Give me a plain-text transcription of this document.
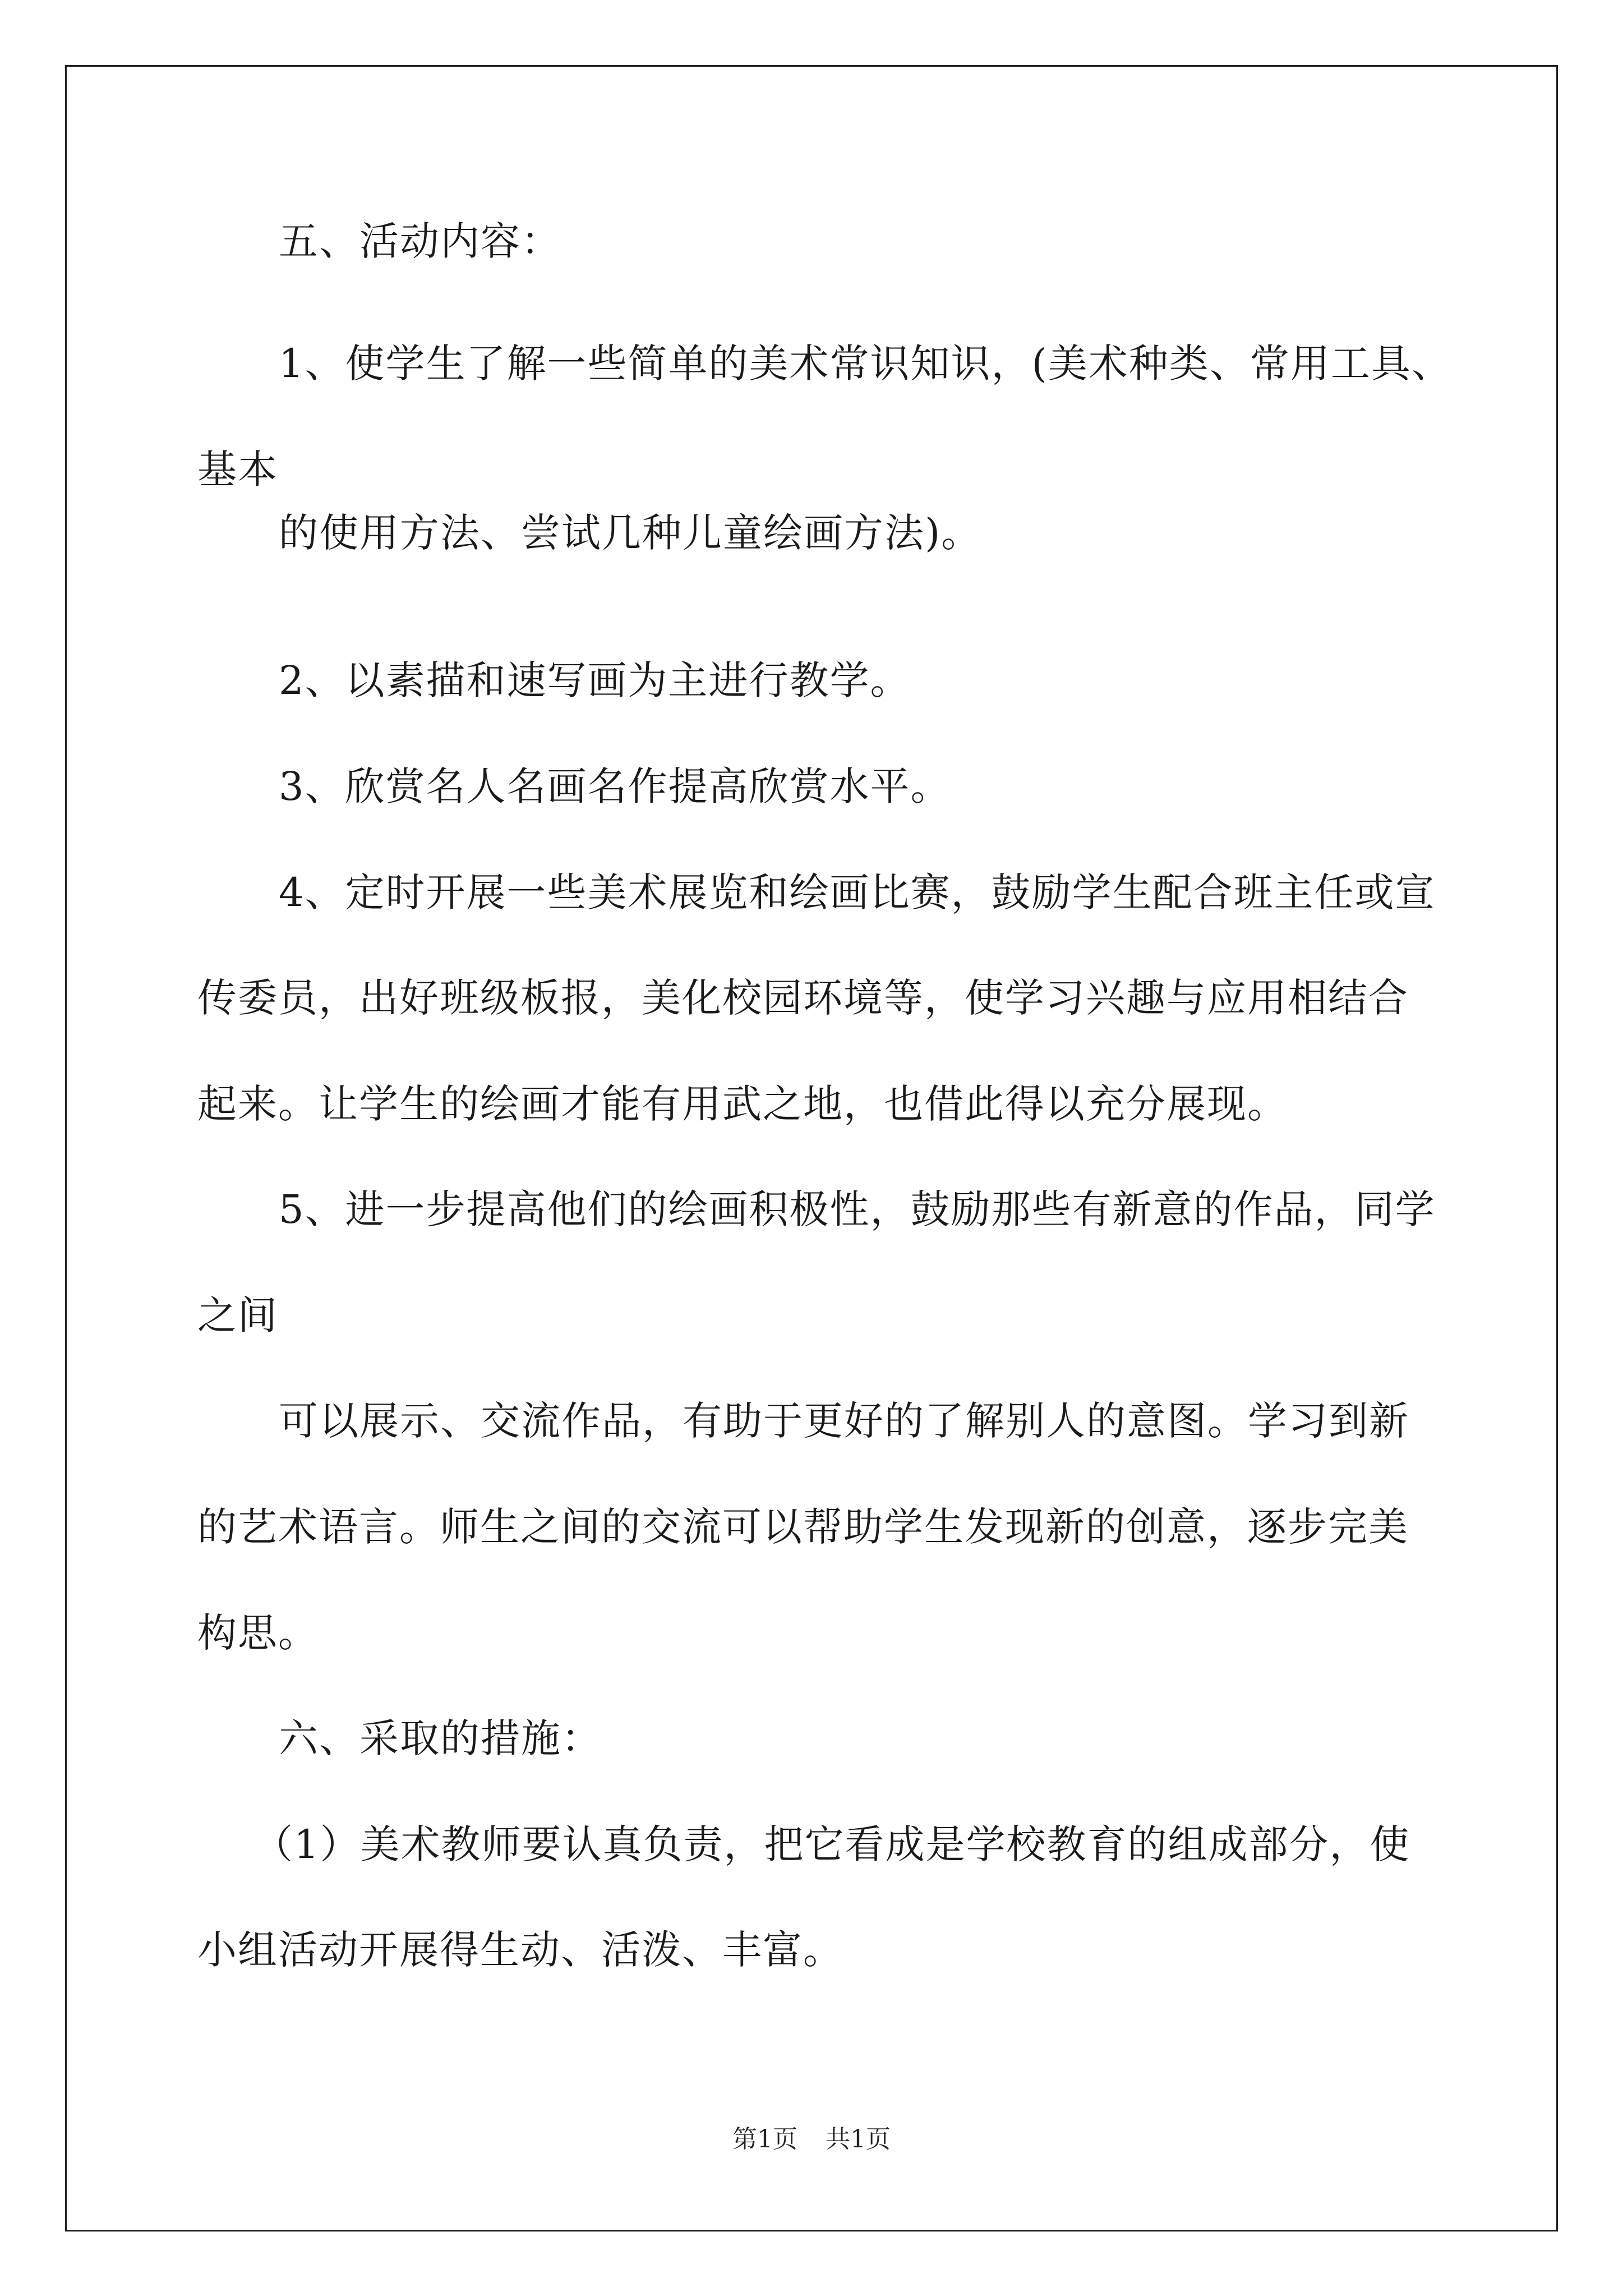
五、活动内容：
1、使学生了解一些简单的美术常识知识，(美术种类、常用工具、
基本
的使用方法、尝试几种儿童绘画方法)。
2、以素描和速写画为主进行教学。
3、欣赏名人名画名作提高欣赏水平。
4、定时开展一些美术展览和绘画比赛，鼓励学生配合班主任或宣
传委员，出好班级板报，美化校园环境等，使学习兴趣与应用相结合
起来。让学生的绘画才能有用武之地，也借此得以充分展现。
5、进一步提高他们的绘画积极性，鼓励那些有新意的作品，同学
之间
可以展示、交流作品，有助于更好的了解别人的意图。学习到新
的艺术语言。师生之间的交流可以帮助学生发现新的创意，逐步完美
构思。
六、采取的措施：
（1）美术教师要认真负责，把它看成是学校教育的组成部分，使
小组活动开展得生动、活泼、丰富。
第1页 共1页
